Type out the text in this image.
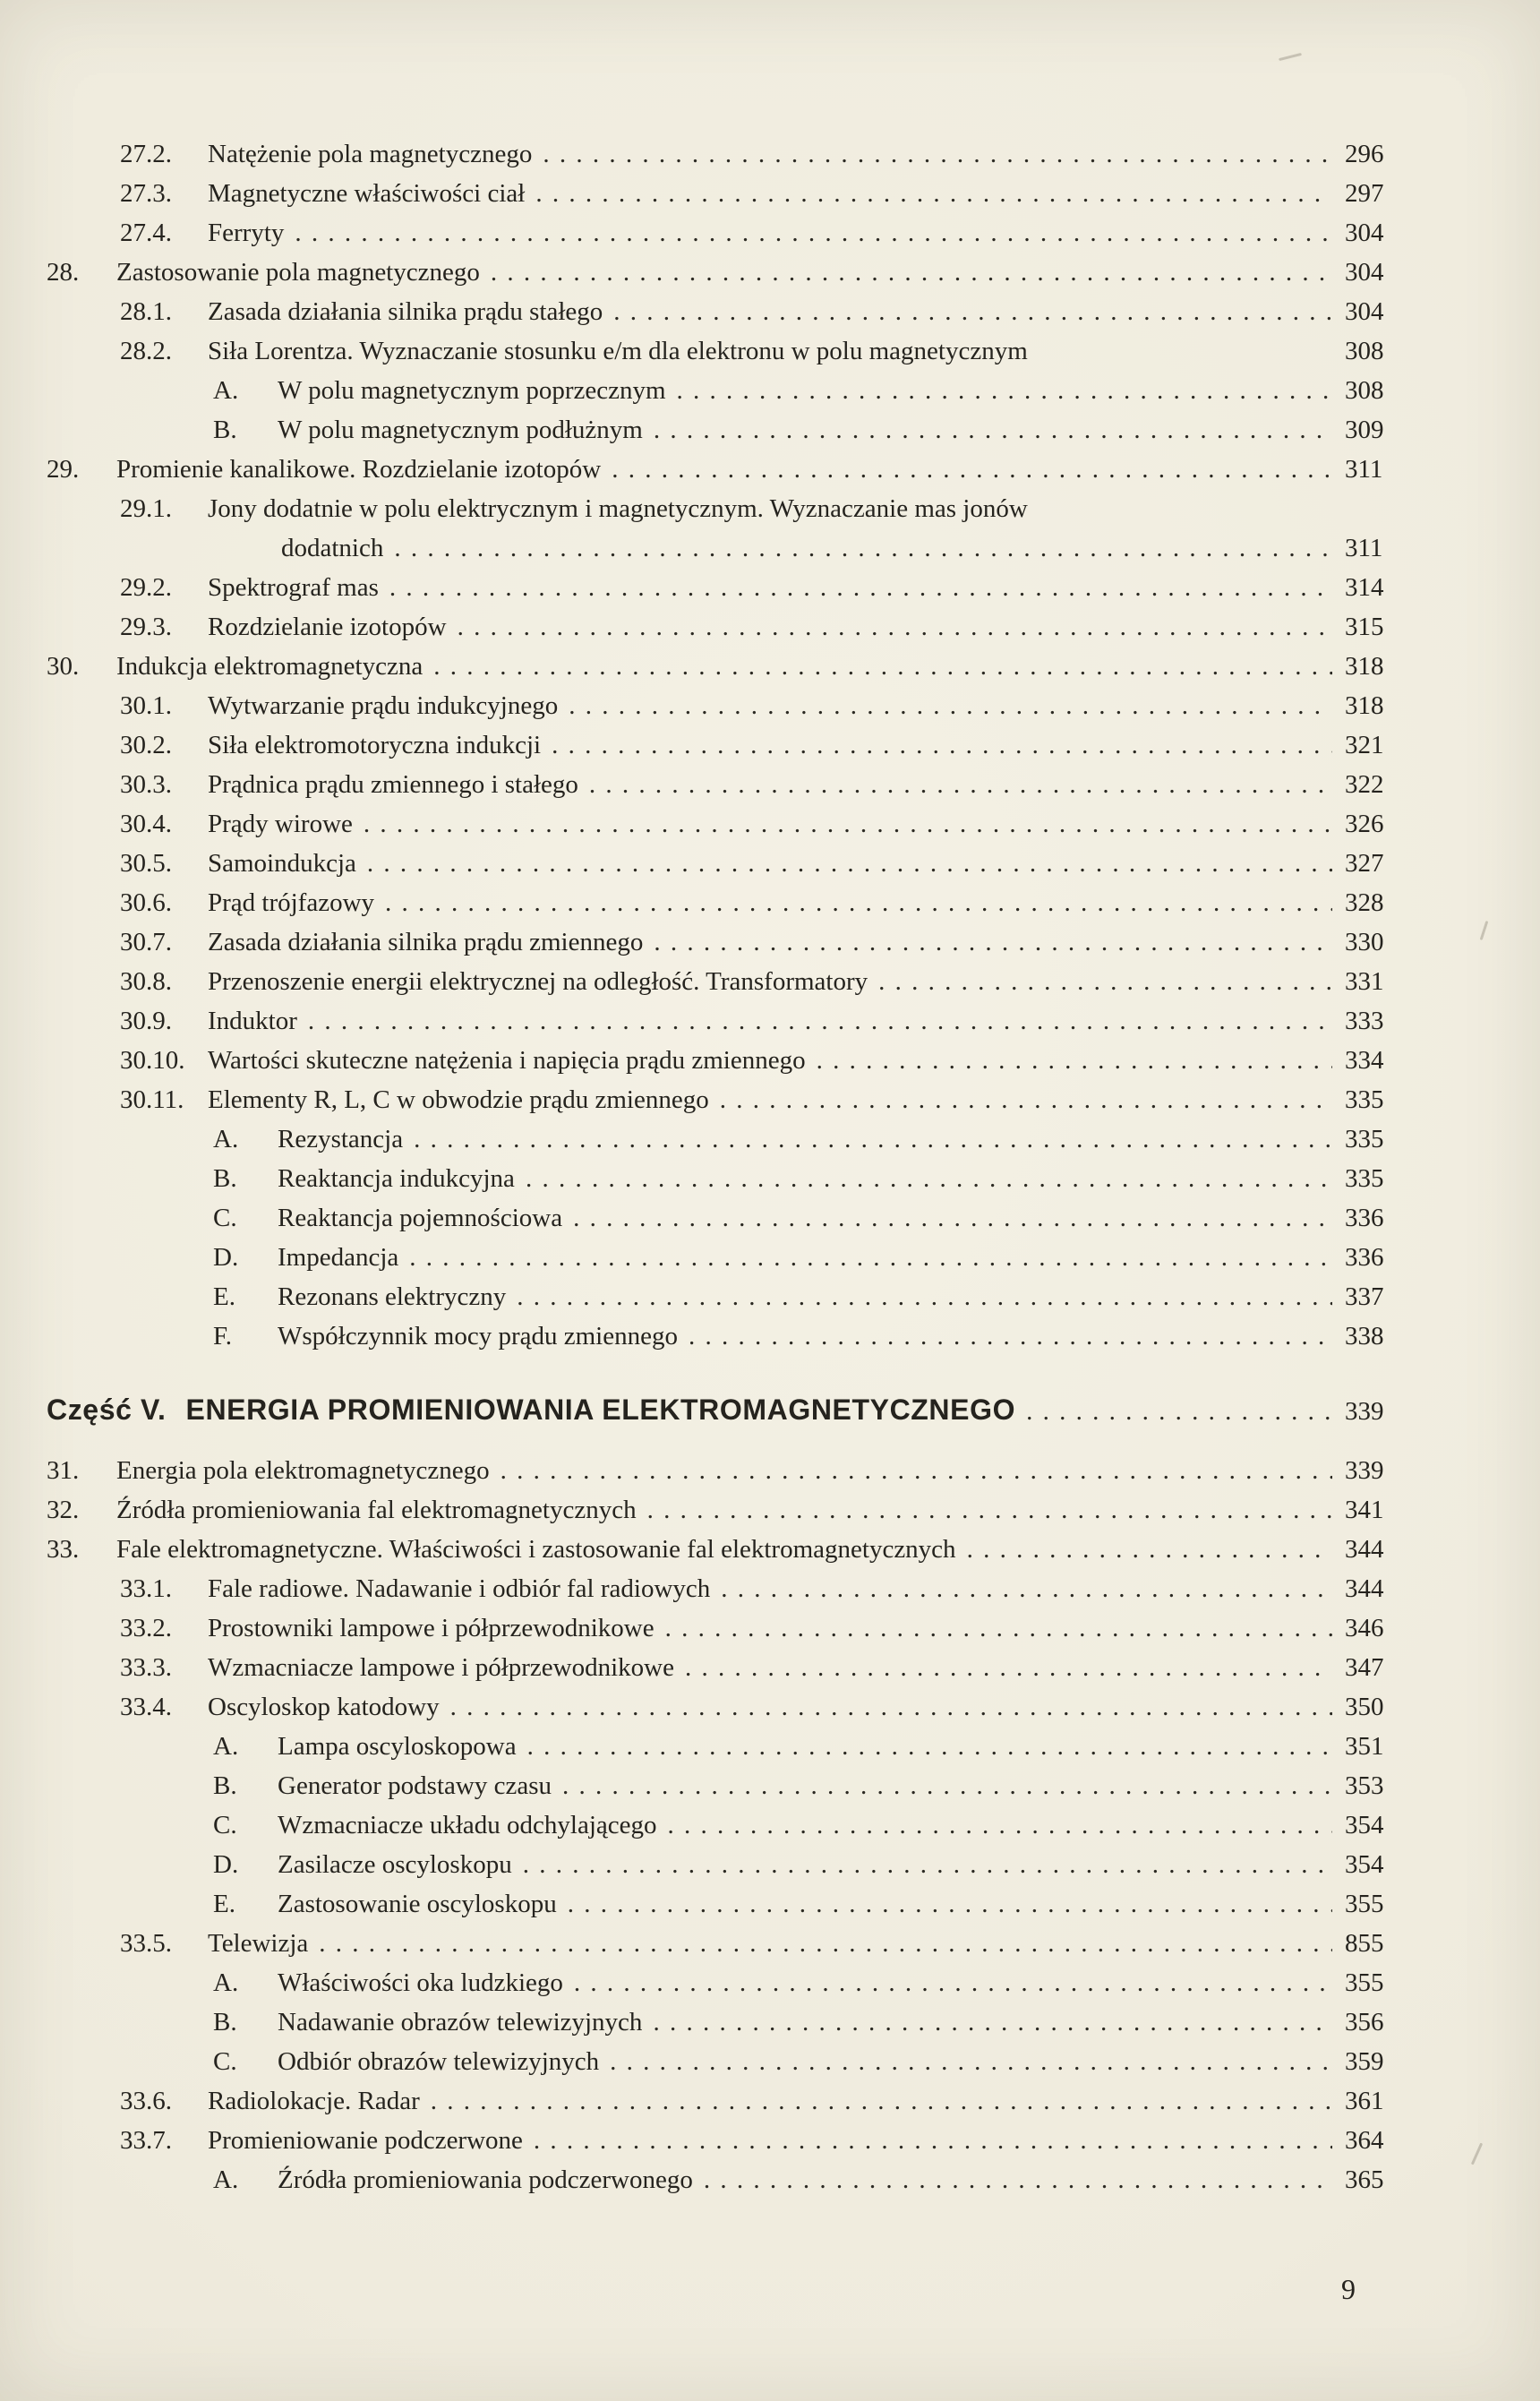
27.2.	Natężenie pola magnetycznego . . .	296
27.3.	Magnetyczne właściwości ciał . . .	297
27.4.	Ferryty . . .	304
28.	Zastosowanie pola magnetycznego . . .	304
28.1.	Zasada działania silnika prądu stałego . . .	304
28.2.	Siła Lorentza. Wyznaczanie stosunku e/m dla elektronu w polu magnetycznym	308
A.	W polu magnetycznym poprzecznym . . .	308
B.	W polu magnetycznym podłużnym . . .	309
29.	Promienie kanalikowe. Rozdzielanie izotopów . . .	311
29.1.	Jony dodatnie w polu elektrycznym i magnetycznym. Wyznaczanie mas jonów
dodatnich . . .	311
29.2.	Spektrograf mas . . .	314
29.3.	Rozdzielanie izotopów . . .	315
30.	Indukcja elektromagnetyczna . . .	318
30.1.	Wytwarzanie prądu indukcyjnego . . .	318
30.2.	Siła elektromotoryczna indukcji . . .	321
30.3.	Prądnica prądu zmiennego i stałego . . .	322
30.4.	Prądy wirowe . . .	326
30.5.	Samoindukcja . . .	327
30.6.	Prąd trójfazowy . . .	328
30.7.	Zasada działania silnika prądu zmiennego . . .	330
30.8.	Przenoszenie energii elektrycznej na odległość. Transformatory . . .	331
30.9.	Induktor . . .	333
30.10. Wartości skuteczne natężenia i napięcia prądu zmiennego . . .	334
30.11. Elementy R, L, C w obwodzie prądu zmiennego . . .	335
A.	Rezystancja . . .	335
B.	Reaktancja indukcyjna . . .	335
C.	Reaktancja pojemnościowa . . .	336
D.	Impedancja . . .	336
E.	Rezonans elektryczny . . .	337
F.	Współczynnik mocy prądu zmiennego . . .	338
Część V. ENERGIA PROMIENIOWANIA ELEKTROMAGNETYCZNEGO . . .	339
31.	Energia pola elektromagnetycznego . . .	339
32.	Źródła promieniowania fal elektromagnetycznych . . .	341
33.	Fale elektromagnetyczne. Właściwości i zastosowanie fal elektromagnetycznych . . .	344
33.1.	Fale radiowe. Nadawanie i odbiór fal radiowych . . .	344
33.2.	Prostowniki lampowe i półprzewodnikowe . . .	346
33.3.	Wzmacniacze lampowe i półprzewodnikowe . . .	347
33.4.	Oscyloskop katodowy . . .	350
A.	Lampa oscyloskopowa . . .	351
B.	Generator podstawy czasu . . .	353
C.	Wzmacniacze układu odchylającego . . .	354
D.	Zasilacze oscyloskopu . . .	354
E.	Zastosowanie oscyloskopu . . .	355
33.5.	Telewizja . . .	855
A.	Właściwości oka ludzkiego . . .	355
B.	Nadawanie obrazów telewizyjnych . . .	356
C.	Odbiór obrazów telewizyjnych . . .	359
33.6.	Radiolokacje. Radar . . .	361
33.7.	Promieniowanie podczerwone . . .	364
A.	Źródła promieniowania podczerwonego . . .	365
9
